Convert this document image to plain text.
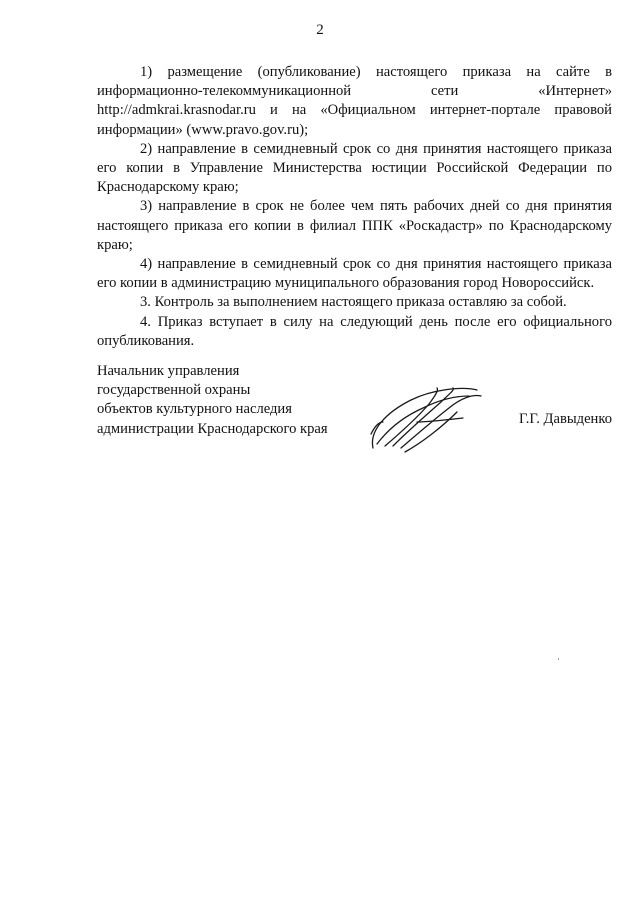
2

1) размещение (опубликование) настоящего приказа на сайте в информационно-телекоммуникационной сети «Интернет» http://admkrai.krasnodar.ru и на «Официальном интернет-портале правовой информации» (www.pravo.gov.ru);

2) направление в семидневный срок со дня принятия настоящего приказа его копии в Управление Министерства юстиции Российской Федерации по Краснодарскому краю;

3) направление в срок не более чем пять рабочих дней со дня принятия настоящего приказа его копии в филиал ППК «Роскадастр» по Краснодарскому краю;

4) направление в семидневный срок со дня принятия настоящего приказа его копии в администрацию муниципального образования город Новороссийск.

3. Контроль за выполнением настоящего приказа оставляю за собой.

4. Приказ вступает в силу на следующий день после его официального опубликования.

Начальник управления
государственной охраны
объектов культурного наследия
администрации Краснодарского края
Г.Г. Давыденко
